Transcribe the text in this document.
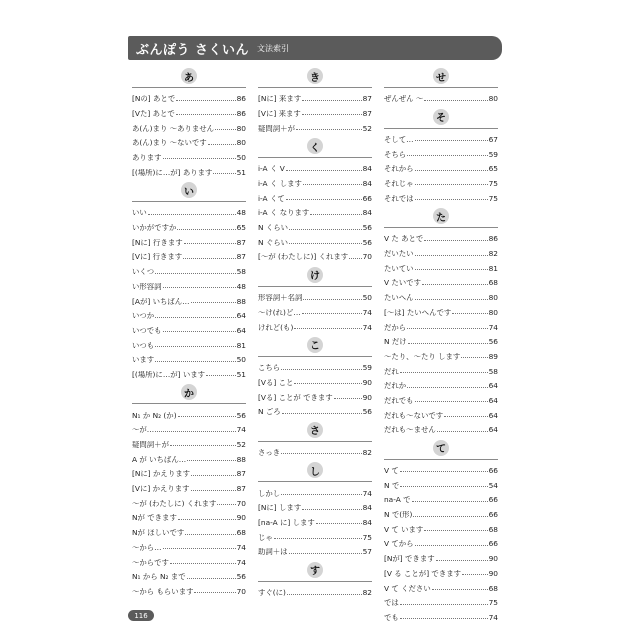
ぶんぽう さくいん 文法索引
あ
[Nの] あとで	86
[Vた] あとで	86
あ(ん)まり ～ありません	80
あ(ん)まり ～ないです	80
あります	50
[(場所)に…が] あります	51
い
いい	48
いかがですか	65
[Nに] 行きます	87
[Vに] 行きます	87
いくつ	58
い形容詞	48
[Aが] いちばん…	88
いつか	64
いつでも	64
いつも	81
います	50
[(場所)に…が] います	51
か
N₁ か N₂ (か)	56
～が…	74
疑問詞＋が	52
A が いちばん…	88
[Nに] かえります	87
[Vに] かえります	87
～が (わたしに) くれます	70
Nが できます	90
Nが ほしいです	68
～から…	74
～からです	74
N₁ から N₂ まで	56
～から もらいます	70
き
[Nに] 来ます	87
[Vに] 来ます	87
疑問詞＋が	52
く
i-A く V	84
i-A く します	84
i-A くて	66
i-A く なります	84
N くらい	56
N ぐらい	56
[～が (わたしに)] くれます 70
け
形容詞＋名詞	50
～け(れ)ど…	74
けれど(も)	74
こ
こちら	59
[Vる] こと	90
[Vる] ことが できます	90
N ごろ	56
さ
さっき	82
し
しかし	74
[Nに] します	84
[na-A に] します	84
じゃ	75
助詞＋は	57
す
すぐ(に)	82
せ
ぜんぜん ～	80
そ
そして…	67
そちら	59
それから	65
それじゃ	75
それでは	75
た
V た あとで	86
だいたい	82
たいてい	81
V たいです	68
たいへん	80
[～は] たいへんです	80
だから	74
N だけ	56
～たり、～たり します	89
だれ	58
だれか	64
だれでも	64
だれも～ないです	64
だれも～ません	64
て
V て	66
N で	54
na-A で	66
N で(形)	66
V て います	68
V てから	66
[Nが] できます	90
[V る ことが] できます	90
V て ください	68
では	75
でも	74
116
